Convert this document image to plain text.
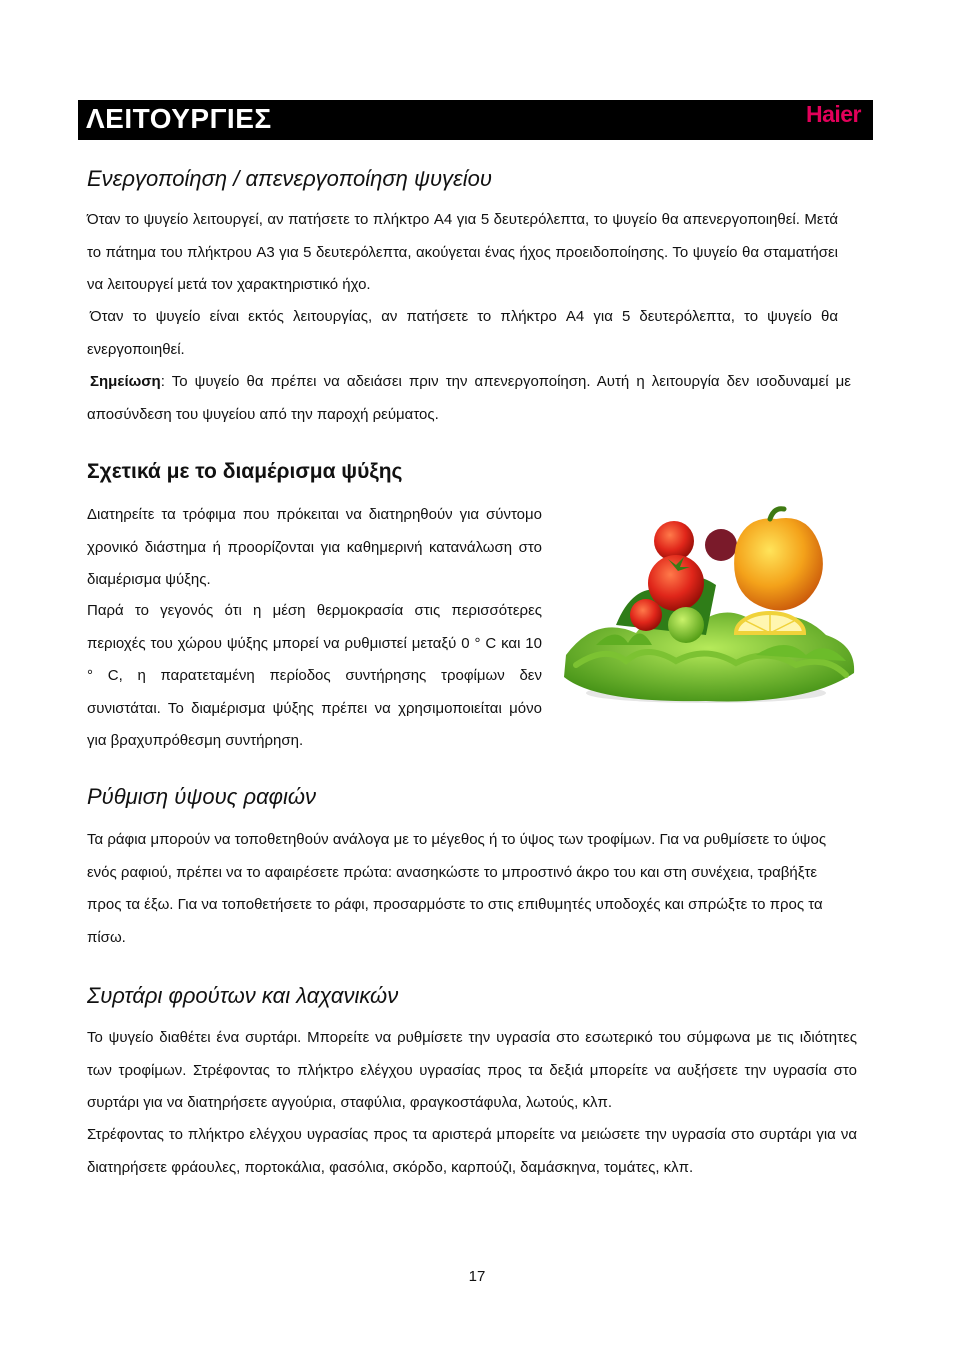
ΛΕΙΤΟΥΡΓΙΕΣ	Haier
Ενεργοποίηση / απενεργοποίηση ψυγείου

Όταν το ψυγείο λειτουργεί, αν πατήσετε το πλήκτρο A4 για 5 δευτερόλεπτα, το ψυγείο θα απενεργοποιηθεί. Μετά το πάτημα του πλήκτρου A3 για 5 δευτερόλεπτα, ακούγεται ένας ήχος προειδοποίησης. Το ψυγείο θα σταματήσει να λειτουργεί μετά τον χαρακτηριστικό ήχο.

Όταν το ψυγείο είναι εκτός λειτουργίας, αν πατήσετε το πλήκτρο A4 για 5 δευτερόλεπτα, το ψυγείο θα ενεργοποιηθεί.

Σημείωση: Το ψυγείο θα πρέπει να αδειάσει πριν την απενεργοποίηση. Αυτή η λειτουργία δεν ισοδυναμεί με αποσύνδεση του ψυγείου από την παροχή ρεύματος.

Σχετικά με το διαμέρισμα ψύξης

Διατηρείτε τα τρόφιμα που πρόκειται να διατηρηθούν για σύντομο χρονικό διάστημα ή προορίζονται για καθημερινή κατανάλωση στο διαμέρισμα ψύξης.

Παρά το γεγονός ότι η μέση θερμοκρασία στις περισσότερες περιοχές του χώρου ψύξης μπορεί να ρυθμιστεί μεταξύ 0 ° C και 10 ° C, η παρατεταμένη περίοδος συντήρησης τροφίμων δεν συνιστάται. Το διαμέρισμα ψύξης πρέπει να χρησιμοποιείται μόνο για βραχυπρόθεσμη συντήρηση.

Ρύθμιση ύψους ραφιών

Τα ράφια μπορούν να τοποθετηθούν ανάλογα με το μέγεθος ή το ύψος των τροφίμων. Για να ρυθμίσετε το ύψος ενός ραφιού, πρέπει να το αφαιρέσετε πρώτα: ανασηκώστε το μπροστινό άκρο του και στη συνέχεια, τραβήξτε προς τα έξω. Για να τοποθετήσετε το ράφι, προσαρμόστε το στις επιθυμητές υποδοχές και σπρώξτε το προς τα πίσω.

Συρτάρι φρούτων και λαχανικών

Το ψυγείο διαθέτει ένα συρτάρι. Μπορείτε να ρυθμίσετε την υγρασία στο εσωτερικό του σύμφωνα με τις ιδιότητες των τροφίμων. Στρέφοντας το πλήκτρο ελέγχου υγρασίας προς τα δεξιά μπορείτε να αυξήσετε την υγρασία στο συρτάρι για να διατηρήσετε αγγούρια, σταφύλια, φραγκοστάφυλα, λωτούς, κλπ.

Στρέφοντας το πλήκτρο ελέγχου υγρασίας προς τα αριστερά μπορείτε να μειώσετε την υγρασία στο συρτάρι για να διατηρήσετε φράουλες, πορτοκάλια, φασόλια, σκόρδο, καρπούζι, δαμάσκηνα, τομάτες, κλπ.

17
